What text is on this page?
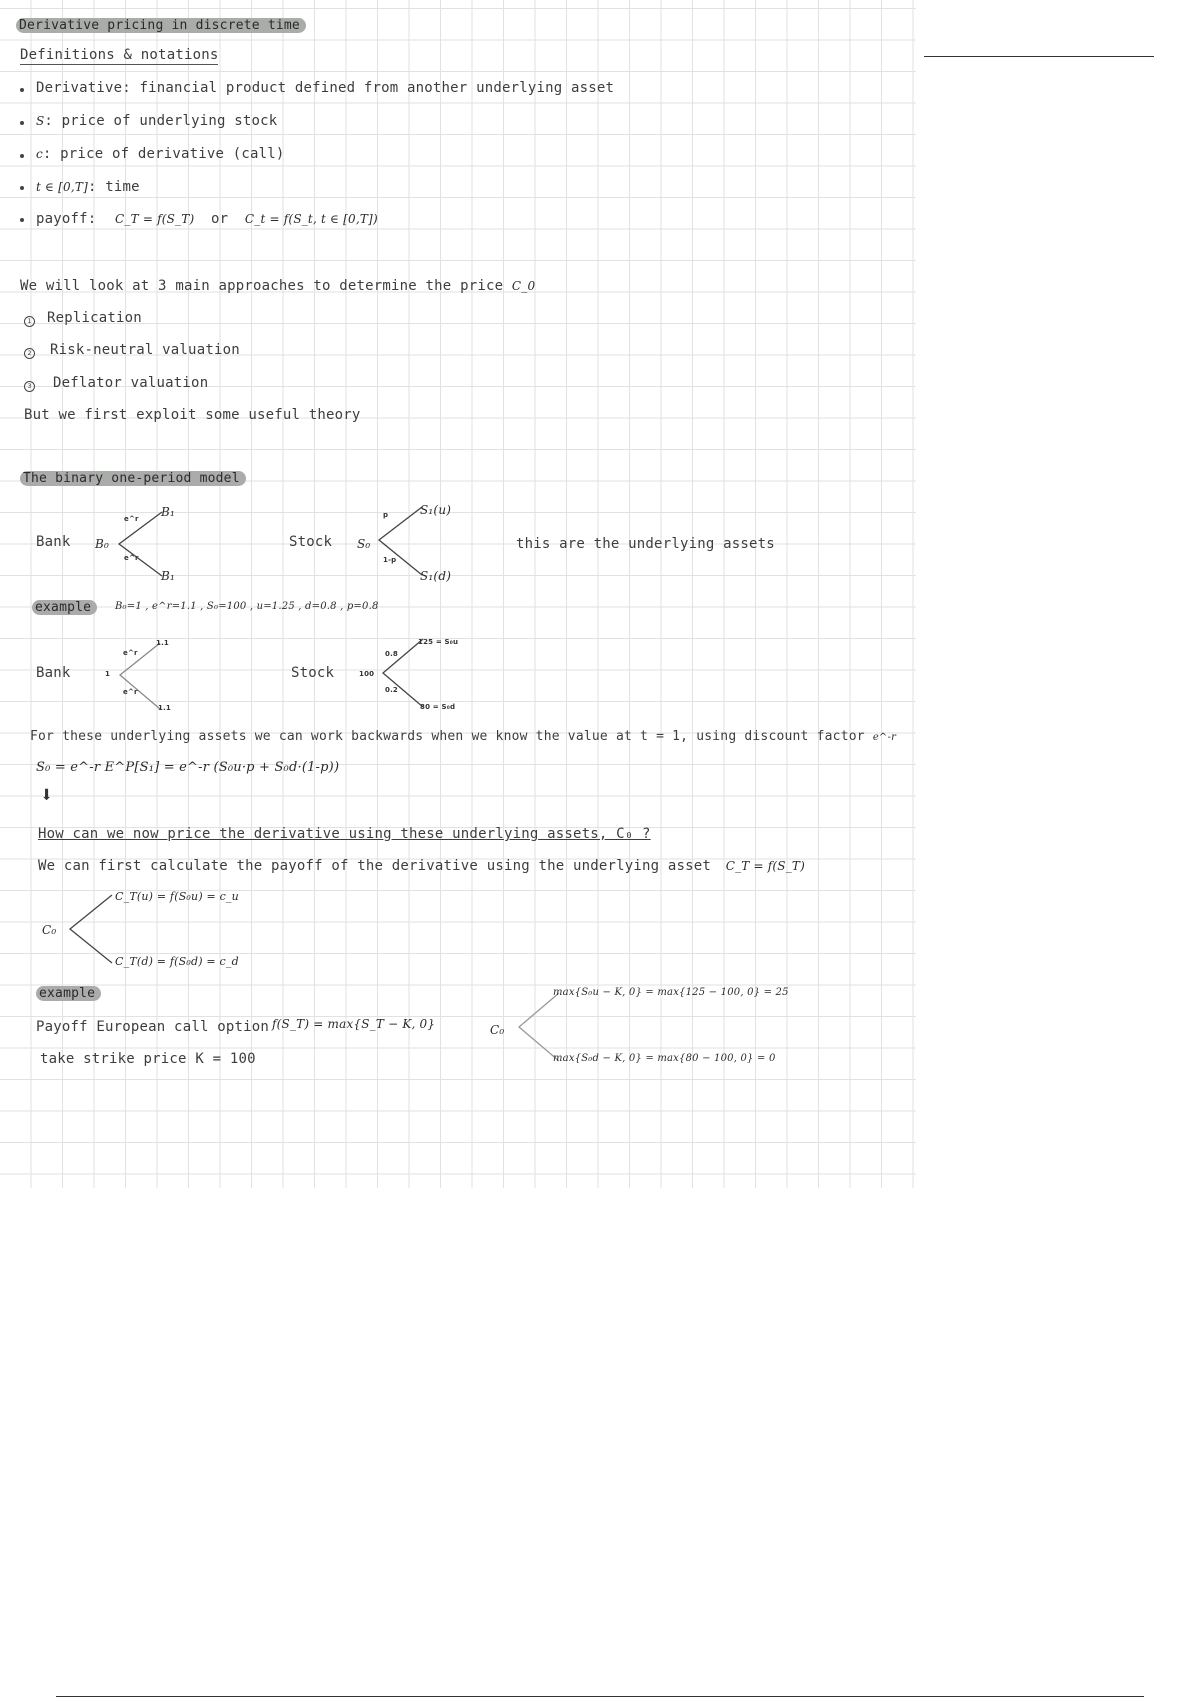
Derivative pricing in discrete time
Definitions & notations
Derivative: financial product defined from another underlying asset
S: price of underlying stock
c: price of derivative (call)
t ∈ [0,T]: time
payoff: C_T = f(S_T) or C_t = f(S_t, t ∈ [0,T])
We will look at 3 main approaches to determine the price C_0
1 Replication
2 Risk-neutral valuation
3 Deflator valuation
But we first exploit some useful theory
The binary one-period model
Bank B₀
e^r
e^r
B₁
B₁
Stock S₀
p
1-p
S₁(u)
S₁(d)
this are the underlying assets
example	B₀=1 , e^r=1.1 , S₀=100 , u=1.25 , d=0.8 , p=0.8
Bank	1
e^r
e^r
1.1
1.1
Stock	100
0.8
0.2
125 = S₀u
80 = S₀d
For these underlying assets we can work backwards when we know the value at t = 1, using discount factor e^-r
S₀ = e^-r E^P[S₁] = e^-r (S₀u·p + S₀d·(1-p))
⬇
How can we now price the derivative using these underlying assets, C₀ ?
We can first calculate the payoff of the derivative using the underlying asset C_T = f(S_T)
C₀
C_T(u) = f(S₀u) = c_u
C_T(d) = f(S₀d) = c_d
example
Payoff European call option f(S_T) = max{S_T − K, 0}
take strike price K = 100
C₀
max{S₀u − K, 0} = max{125 − 100, 0} = 25
max{S₀d − K, 0} = max{80 − 100, 0} = 0
